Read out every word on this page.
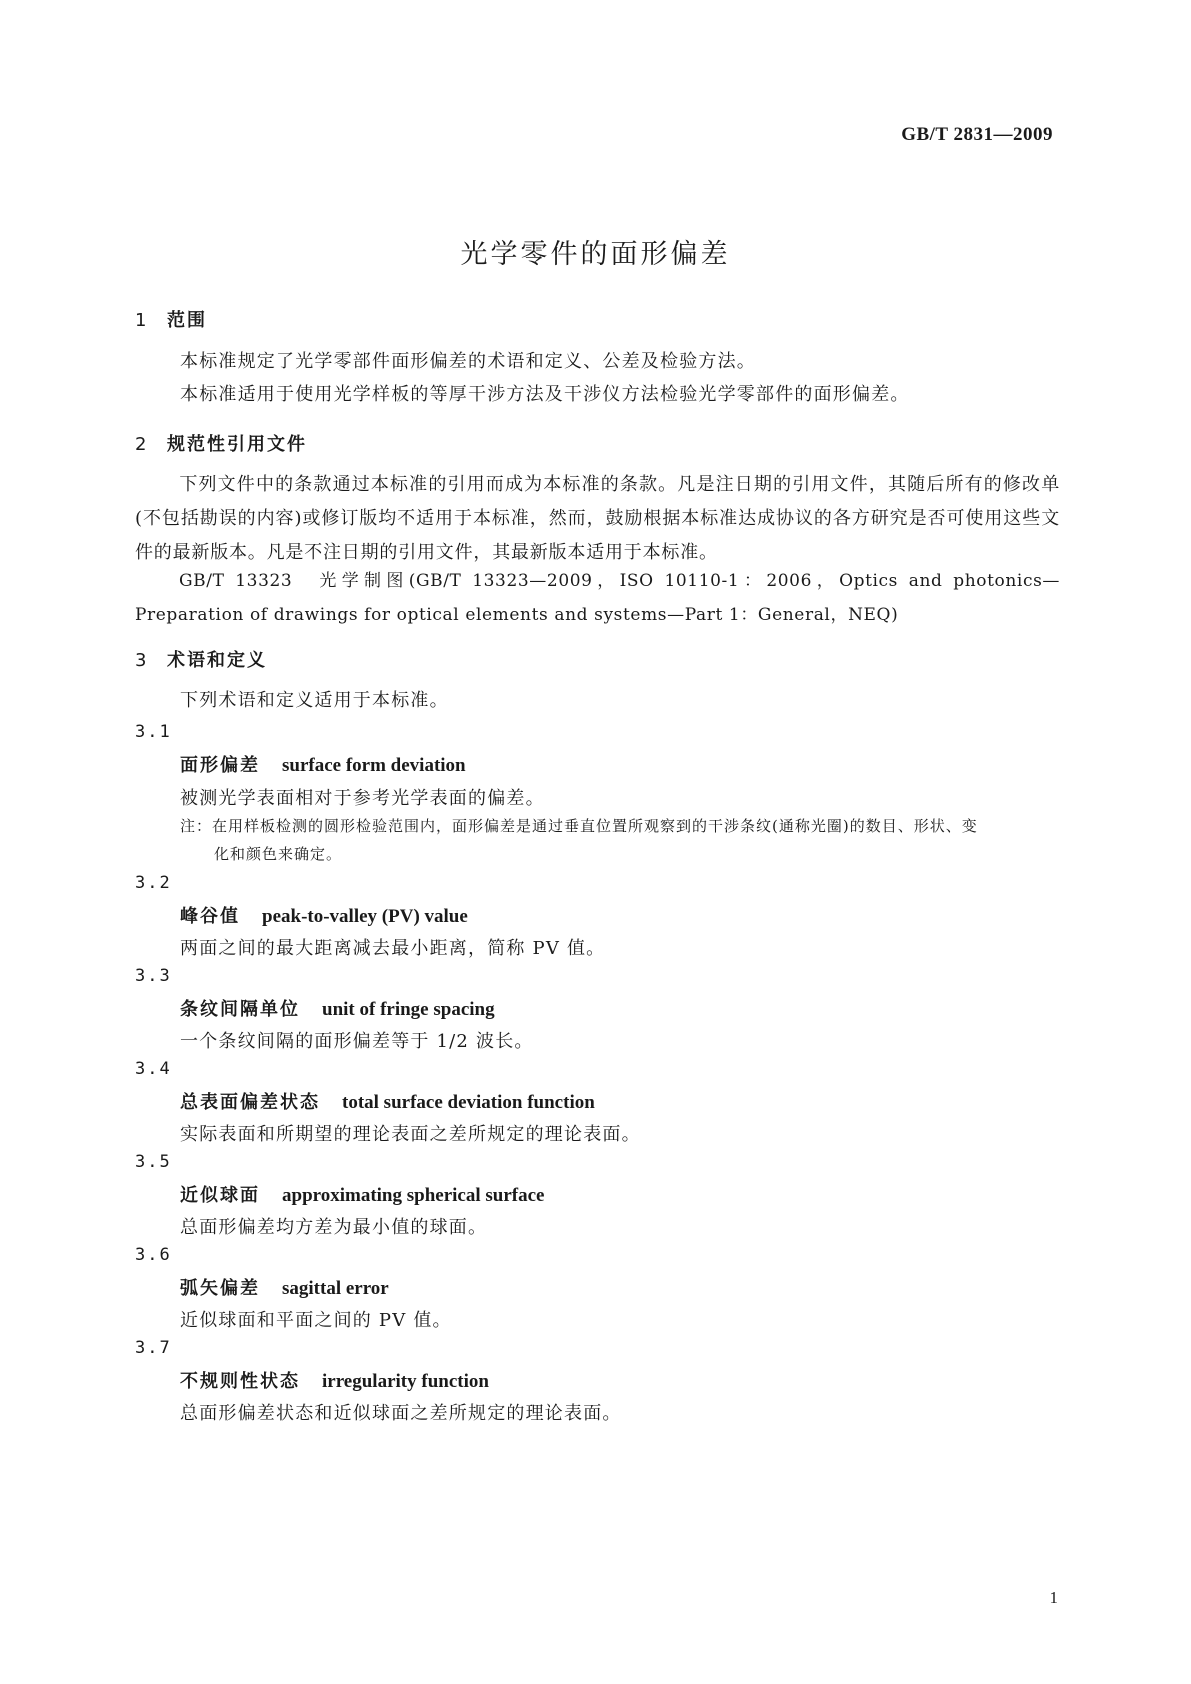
GB/T 2831—2009
光学零件的面形偏差
1 范围
本标准规定了光学零部件面形偏差的术语和定义、公差及检验方法。
本标准适用于使用光学样板的等厚干涉方法及干涉仪方法检验光学零部件的面形偏差。
2 规范性引用文件
下列文件中的条款通过本标准的引用而成为本标准的条款。凡是注日期的引用文件，其随后所有的修改单(不包括勘误的内容)或修订版均不适用于本标准，然而，鼓励根据本标准达成协议的各方研究是否可使用这些文件的最新版本。凡是不注日期的引用文件，其最新版本适用于本标准。
GB/T 13323　光学制图(GB/T 13323—2009，ISO 10110-1：2006，Optics and photonics—Preparation of drawings for optical elements and systems—Part 1：General，NEQ)
3 术语和定义
下列术语和定义适用于本标准。
3.1
面形偏差 surface form deviation
被测光学表面相对于参考光学表面的偏差。
注：在用样板检测的圆形检验范围内，面形偏差是通过垂直位置所观察到的干涉条纹(通称光圈)的数目、形状、变
化和颜色来确定。
3.2
峰谷值 peak-to-valley (PV) value
两面之间的最大距离减去最小距离，简称 PV 值。
3.3
条纹间隔单位 unit of fringe spacing
一个条纹间隔的面形偏差等于 1/2 波长。
3.4
总表面偏差状态 total surface deviation function
实际表面和所期望的理论表面之差所规定的理论表面。
3.5
近似球面 approximating spherical surface
总面形偏差均方差为最小值的球面。
3.6
弧矢偏差 sagittal error
近似球面和平面之间的 PV 值。
3.7
不规则性状态 irregularity function
总面形偏差状态和近似球面之差所规定的理论表面。
1
